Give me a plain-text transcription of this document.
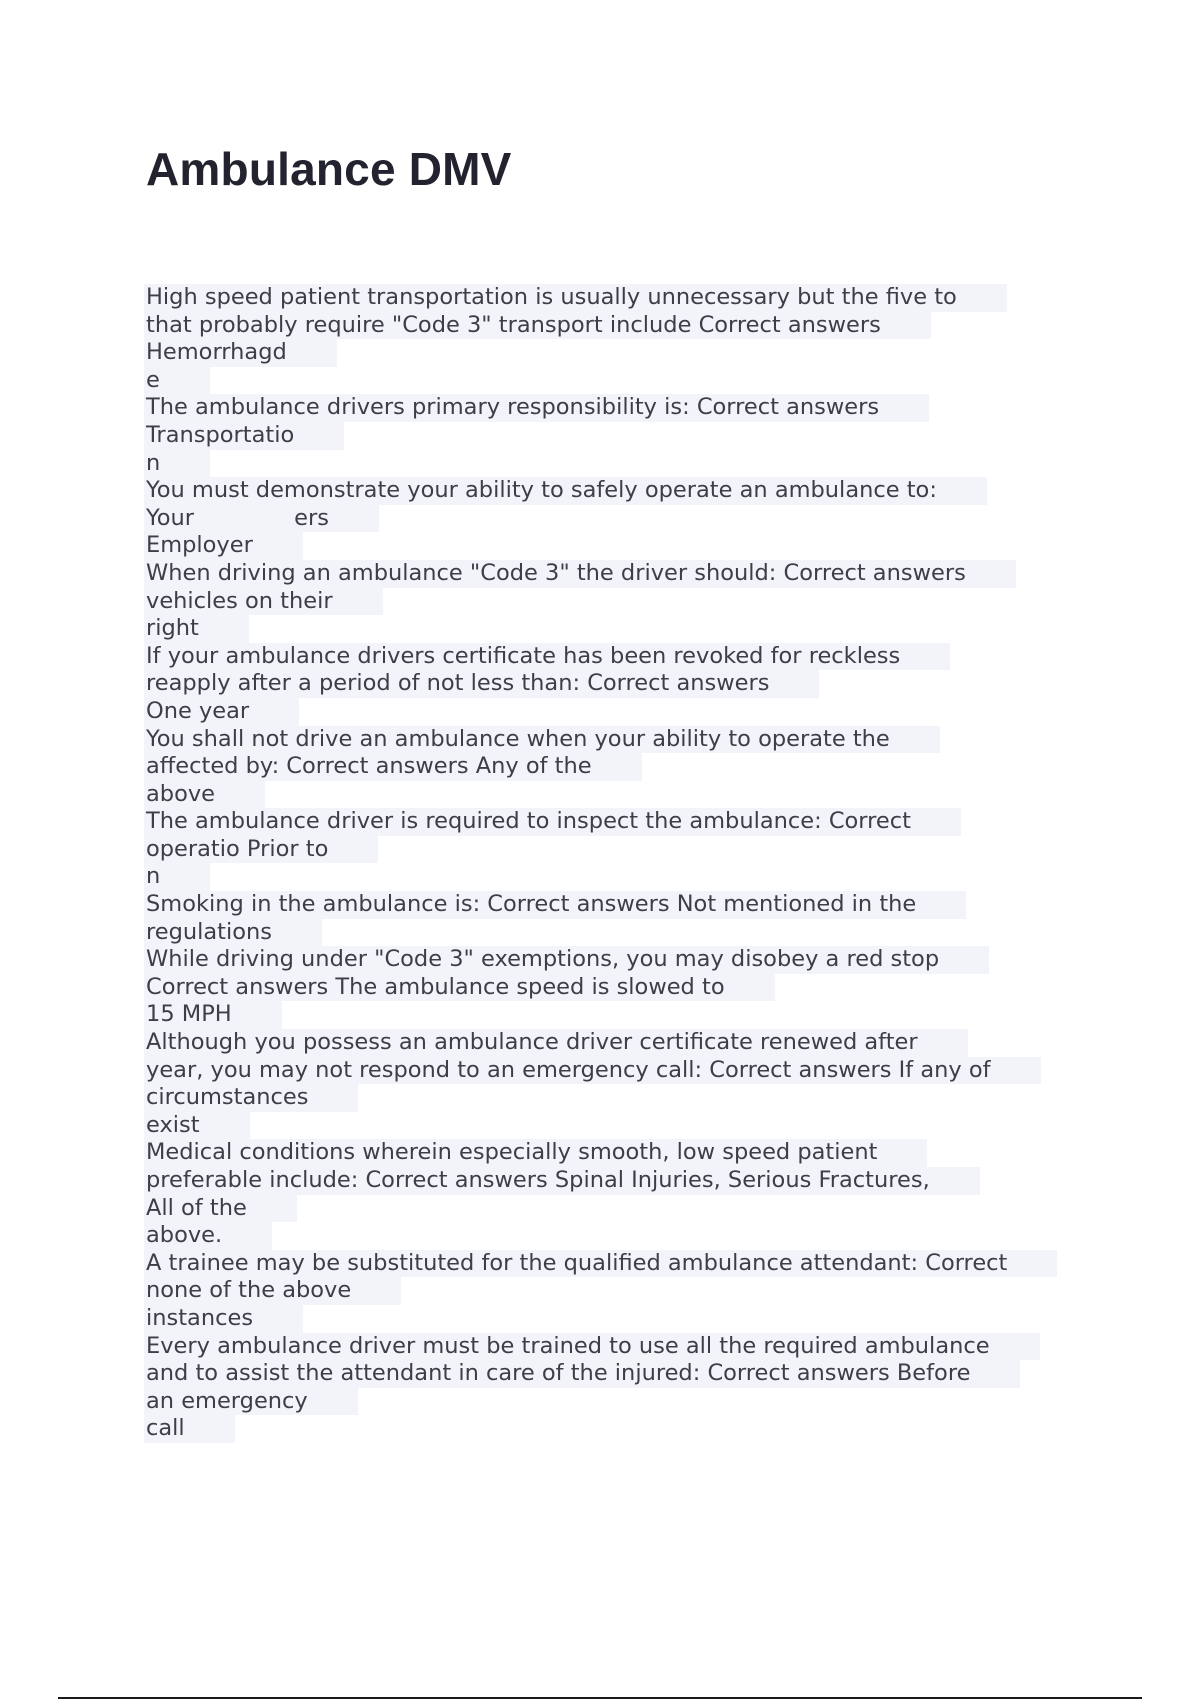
Ambulance DMV
High speed patient transportation is usually unnecessary but the five to
that probably require "Code 3" transport include Correct answers
Hemorrhagd
e
The ambulance drivers primary responsibility is: Correct answers
Transportatio
n
You must demonstrate your ability to safely operate an ambulance to:
Your              ers
Employer
When driving an ambulance "Code 3" the driver should: Correct answers
vehicles on their
right
If your ambulance drivers certificate has been revoked for reckless
reapply after a period of not less than: Correct answers
One year
You shall not drive an ambulance when your ability to operate the
affected by: Correct answers Any of the
above
The ambulance driver is required to inspect the ambulance: Correct
operatio Prior to
n
Smoking in the ambulance is: Correct answers Not mentioned in the
regulations
While driving under "Code 3" exemptions, you may disobey a red stop
Correct answers The ambulance speed is slowed to
15 MPH
Although you possess an ambulance driver certificate renewed after
year, you may not respond to an emergency call: Correct answers If any of
circumstances
exist
Medical conditions wherein especially smooth, low speed patient
preferable include: Correct answers Spinal Injuries, Serious Fractures,
All of the
above.
A trainee may be substituted for the qualified ambulance attendant: Correct
none of the above
instances
Every ambulance driver must be trained to use all the required ambulance
and to assist the attendant in care of the injured: Correct answers Before
an emergency
call
